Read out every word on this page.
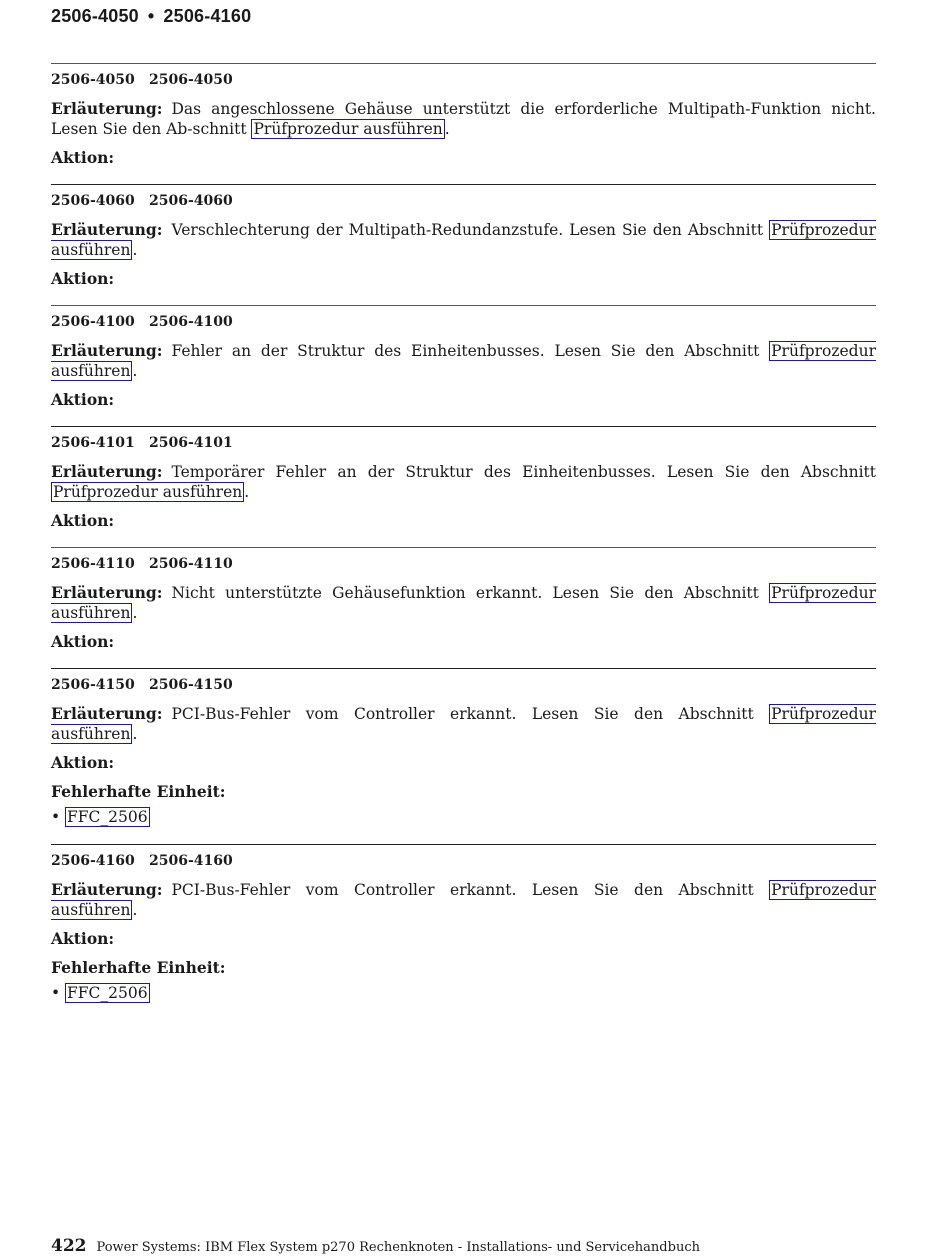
2506-4050 • 2506-4160
2506-4050 2506-4050
Erläuterung: Das angeschlossene Gehäuse unterstützt die erforderliche Multipath-Funktion nicht. Lesen Sie den Ab-schnitt Prüfprozedur ausführen .
Aktion:
2506-4060 2506-4060
Erläuterung: Verschlechterung der Multipath-Redundanzstufe. Lesen Sie den Abschnitt Prüfprozedur ausführen .
Aktion:
2506-4100 2506-4100
Erläuterung: Fehler an der Struktur des Einheitenbusses. Lesen Sie den Abschnitt Prüfprozedur ausführen .
Aktion:
2506-4101 2506-4101
Erläuterung: Temporärer Fehler an der Struktur des Einheitenbusses. Lesen Sie den Abschnitt Prüfprozedur ausführen .
Aktion:
2506-4110 2506-4110
Erläuterung: Nicht unterstützte Gehäusefunktion erkannt. Lesen Sie den Abschnitt Prüfprozedur ausführen .
Aktion:
2506-4150 2506-4150
Erläuterung: PCI-Bus-Fehler vom Controller erkannt. Lesen Sie den Abschnitt Prüfprozedur ausführen .
Aktion:
Fehlerhafte Einheit:
• FFC_2506
2506-4160 2506-4160
Erläuterung: PCI-Bus-Fehler vom Controller erkannt. Lesen Sie den Abschnitt Prüfprozedur ausführen .
Aktion:
Fehlerhafte Einheit:
• FFC_2506
422 Power Systems: IBM Flex System p270 Rechenknoten - Installations- und Servicehandbuch
